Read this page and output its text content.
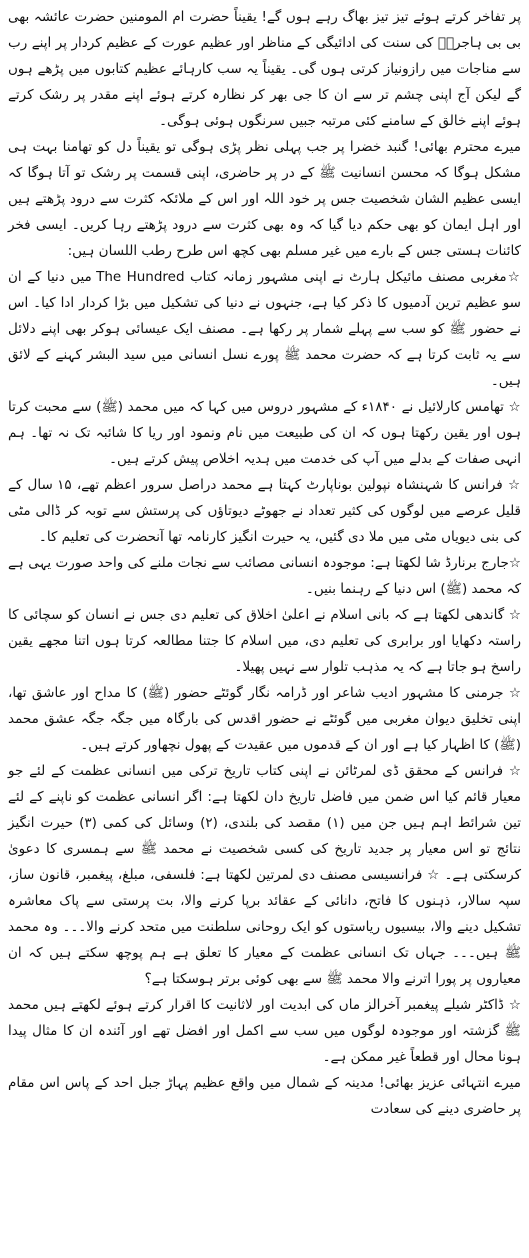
پر تفاخر کرتے ہوئے تیز تیز بھاگ رہے ہوں گے! یقیناً حضرت ام المومنین حضرت عائشہ بھی بی بی ہاجرہؑ کی سنت کی ادائیگی کے مناظر اور عظیم عورت کے عظیم کردار پر اپنے رب سے مناجات میں رازونیاز کرتی ہوں گی۔ یقیناً یہ سب کارہائے عظیم کتابوں میں پڑھے ہوں گے لیکن آج اپنی چشم تر سے ان کا جی بھر کر نظارہ کرتے ہوئے اپنے مقدر پر رشک کرتے ہوئے اپنے خالق کے سامنے کئی مرتبہ جبیں سرنگوں ہوئی ہوگی۔

میرے محترم بھائی! گنبد خضرا پر جب پہلی نظر پڑی ہوگی تو یقیناً دل کو تھامنا بہت ہی مشکل ہوگا کہ محسن انسانیت ﷺ کے در پر حاضری، اپنی قسمت پر رشک تو آتا ہوگا کہ ایسی عظیم الشان شخصیت جس پر خود اللہ اور اس کے ملائکہ کثرت سے درود پڑھتے ہیں اور اہل ایمان کو بھی حکم دیا گیا کہ وہ بھی کثرت سے درود پڑھتے رہا کریں۔ ایسی فخر کائنات ہستی جس کے بارے میں غیر مسلم بھی کچھ اس طرح رطب اللسان ہیں:

☆مغربی مصنف مائیکل ہارٹ نے اپنی مشہور زمانہ کتاب The Hundred میں دنیا کے ان سو عظیم ترین آدمیوں کا ذکر کیا ہے، جنہوں نے دنیا کی تشکیل میں بڑا کردار ادا کیا۔ اس نے حضور ﷺ کو سب سے پہلے شمار پر رکھا ہے۔ مصنف ایک عیسائی ہوکر بھی اپنے دلائل سے یہ ثابت کرتا ہے کہ حضرت محمد ﷺ پورے نسل انسانی میں سید البشر کہنے کے لائق ہیں۔

☆ تھامس کارلائیل نے ۱۸۴۰ء کے مشہور دروس میں کہا کہ میں محمد (ﷺ) سے محبت کرتا ہوں اور یقین رکھتا ہوں کہ ان کی طبیعت میں نام ونمود اور ریا کا شائبہ تک نہ تھا۔ ہم انہی صفات کے بدلے میں آپ کی خدمت میں ہدیہ اخلاص پیش کرتے ہیں۔

☆ فرانس کا شہنشاہ نپولین بوناپارٹ کہتا ہے محمد دراصل سرور اعظم تھے، ۱۵ سال کے قلیل عرصے میں لوگوں کی کثیر تعداد نے جھوٹے دیوتاؤں کی پرستش سے توبہ کر ڈالی مٹی کی بنی دیویاں مٹی میں ملا دی گئیں، یہ حیرت انگیز کارنامہ تھا آنحضرت کی تعلیم کا۔

☆جارج برنارڈ شا لکھتا ہے: موجودہ انسانی مصائب سے نجات ملنے کی واحد صورت یہی ہے کہ محمد (ﷺ) اس دنیا کے رہنما بنیں۔

☆ گاندھی لکھتا ہے کہ بانی اسلام نے اعلیٰ اخلاق کی تعلیم دی جس نے انسان کو سچائی کا راستہ دکھایا اور برابری کی تعلیم دی، میں اسلام کا جتنا مطالعہ کرتا ہوں اتنا مجھے یقین راسخ ہو جاتا ہے کہ یہ مذہب تلوار سے نہیں پھیلا۔

☆ جرمنی کا مشہور ادیب شاعر اور ڈرامہ نگار گوئٹے حضور (ﷺ) کا مداح اور عاشق تھا، اپنی تخلیق دیوان مغربی میں گوئٹے نے حضور اقدس کی بارگاہ میں جگہ جگہ عشق محمد (ﷺ) کا اظہار کیا ہے اور ان کے قدموں میں عقیدت کے پھول نچھاور کرتے ہیں۔

☆ فرانس کے محقق ڈی لمرٹائن نے اپنی کتاب تاریخ ترکی میں انسانی عظمت کے لئے جو معیار قائم کیا اس ضمن میں فاضل تاریخ دان لکھتا ہے: اگر انسانی عظمت کو ناپنے کے لئے تین شرائط اہم ہیں جن میں (۱) مقصد کی بلندی، (۲) وسائل کی کمی (۳) حیرت انگیز نتائج تو اس معیار پر جدید تاریخ کی کسی شخصیت نے محمد ﷺ سے ہمسری کا دعویٰ کرسکتی ہے۔ ☆ فرانسیسی مصنف دی لمرتین لکھتا ہے: فلسفی، مبلغ، پیغمبر، قانون ساز، سپہ سالار، ذہنوں کا فاتح، دانائی کے عقائد برپا کرنے والا، بت پرستی سے پاک معاشرہ تشکیل دینے والا، بیسیوں ریاستوں کو ایک روحانی سلطنت میں متحد کرنے والا۔۔۔ وہ محمد ﷺ ہیں۔۔۔ جہاں تک انسانی عظمت کے معیار کا تعلق ہے ہم پوچھ سکتے ہیں کہ ان معیاروں پر پورا اترنے والا محمد ﷺ سے بھی کوئی برتر ہوسکتا ہے؟

☆ ڈاکٹر شیلے پیغمبر آخرالز ماں کی ابدیت اور لاثانیت کا اقرار کرتے ہوئے لکھتے ہیں محمد ﷺ گزشتہ اور موجودہ لوگوں میں سب سے اکمل اور افضل تھے اور آئندہ ان کا مثال پیدا ہونا محال اور قطعاً غیر ممکن ہے۔

میرے انتہائی عزیز بھائی! مدینہ کے شمال میں واقع عظیم پہاڑ جبل احد کے پاس اس مقام پر حاضری دینے کی سعادت
